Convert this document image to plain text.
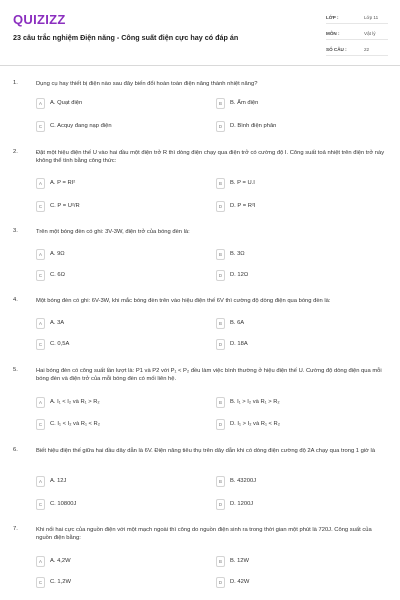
QUIZIZZ
23 câu trắc nghiệm Điện năng - Công suất điện cực hay có đáp án
LỚP :	Lớp 11
MÔN :	Vật lý
SỐ CÂU :	22
1.	Dụng cụ hay thiết bị điện nào sau đây biến đổi hoàn toàn điện năng thành nhiệt năng?
A	A. Quạt điện	B	B. Ấm điện
C	C. Acquy đang nạp điện	D	D. Bình điện phân
2.	Đặt một hiệu điện thế U vào hai đầu một điện trở R thì dòng điện chạy qua điện trở có cường độ I. Công suất toả nhiệt trên điện trở này không thể tính bằng công thức:
A	A. P = RI²	B	B. P = U.I
C	C. P = U²/R	D	D. P = R²I
3.	Trên một bóng đèn có ghi: 3V-3W, điện trở của bóng đèn là:
A	A. 9Ω	B	B. 3Ω
C	C. 6Ω	D	D. 12Ω
4.	Một bóng đèn có ghi: 6V-3W, khi mắc bóng đèn trên vào hiệu điện thế 6V thì cường độ dòng điện qua bóng đèn là:
A	A. 3A	B	B. 6A
C	C. 0,5A	D	D. 18A
5.	Hai bóng đèn có công suất lần lượt là: P1 và P2 với P₁ < P₂ đều làm việc bình thường ở hiệu điện thế U. Cường độ dòng điện qua mỗi bóng đèn và điện trở của mỗi bóng đèn có mối liên hệ.
A	A. I₁ < I₂ và R₁ > R₂	B	B. I₁ > I₂ và R₁ > R₂
C	C. I₁ < I₂ và R₁ < R₂	D	D. I₁ > I₂ và R₁ < R₂
6.	Biết hiệu điện thế giữa hai đầu dây dẫn là 6V. Điện năng tiêu thụ trên dây dẫn khi có dòng điện cường độ 2A chạy qua trong 1 giờ là
A	A. 12J	B	B. 43200J
C	C. 10800J	D	D. 1200J
7.	Khi nối hai cực của nguồn điện với một mạch ngoài thì công do nguồn điện sinh ra trong thời gian một phút là 720J. Công suất của nguồn điện bằng:
A	A. 4,2W	B	B. 12W
C	C. 1,2W	D	D. 42W
